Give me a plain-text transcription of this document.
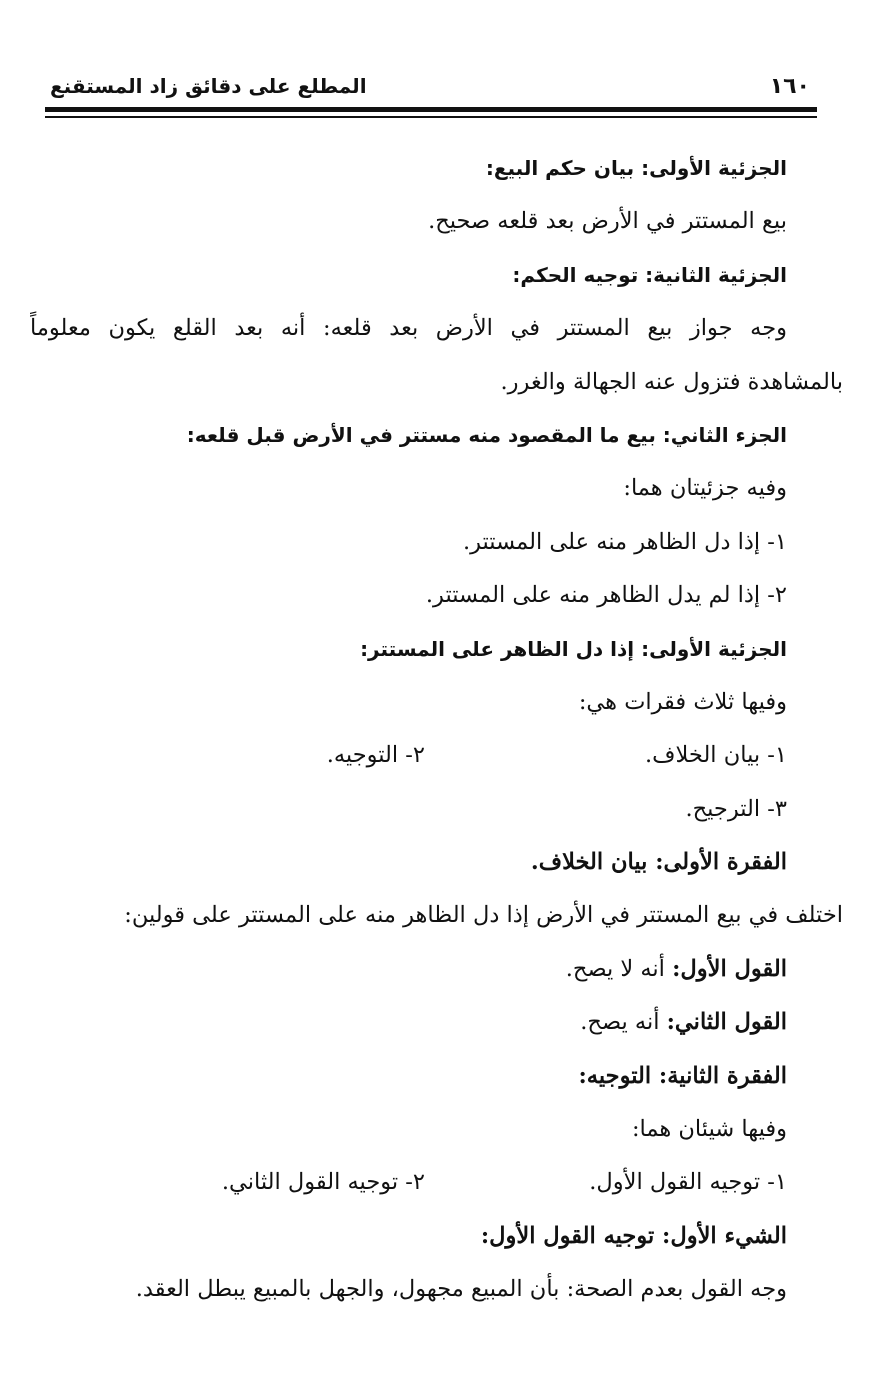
١٦٠
المطلع على دقائق زاد المستقنع
الجزئية الأولى: بيان حكم البيع:
بيع المستتر في الأرض بعد قلعه صحيح.
الجزئية الثانية: توجيه الحكم:
وجه جواز بيع المستتر في الأرض بعد قلعه: أنه بعد القلع يكون معلوماً
بالمشاهدة فتزول عنه الجهالة والغرر.
الجزء الثاني: بيع ما المقصود منه مستتر في الأرض قبل قلعه:
وفيه جزئيتان هما:
١- إذا دل الظاهر منه على المستتر.
٢- إذا لم يدل الظاهر منه على المستتر.
الجزئية الأولى: إذا دل الظاهر على المستتر:
وفيها ثلاث فقرات هي:
١- بيان الخلاف.
٢- التوجيه.
٣- الترجيح.
الفقرة الأولى: بيان الخلاف.
اختلف في بيع المستتر في الأرض إذا دل الظاهر منه على المستتر على قولين:
القول الأول: أنه لا يصح.
القول الثاني: أنه يصح.
الفقرة الثانية: التوجيه:
وفيها شيئان هما:
١- توجيه القول الأول.
٢- توجيه القول الثاني.
الشيء الأول: توجيه القول الأول:
وجه القول بعدم الصحة: بأن المبيع مجهول، والجهل بالمبيع يبطل العقد.
